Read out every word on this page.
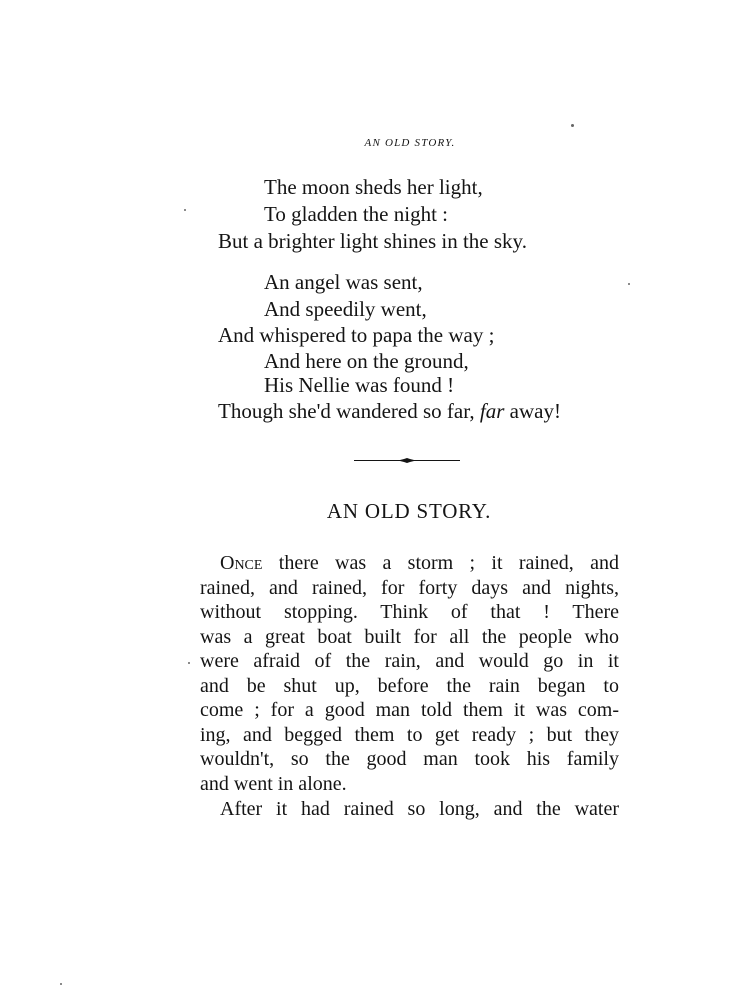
AN OLD STORY.
The moon sheds her light,
To gladden the night :
But a brighter light shines in the sky.
An angel was sent,
And speedily went,
And whispered to papa the way ;
And here on the ground,
His Nellie was found !
Though she'd wandered so far, far away!
AN OLD STORY.
Once there was a storm ; it rained, and
rained, and rained, for forty days and nights,
without stopping. Think of that ! There
was a great boat built for all the people who
were afraid of the rain, and would go in it
and be shut up, before the rain began to
come ; for a good man told them it was com-
ing, and begged them to get ready ; but they
wouldn't, so the good man took his family
and went in alone.
After it had rained so long, and the water
